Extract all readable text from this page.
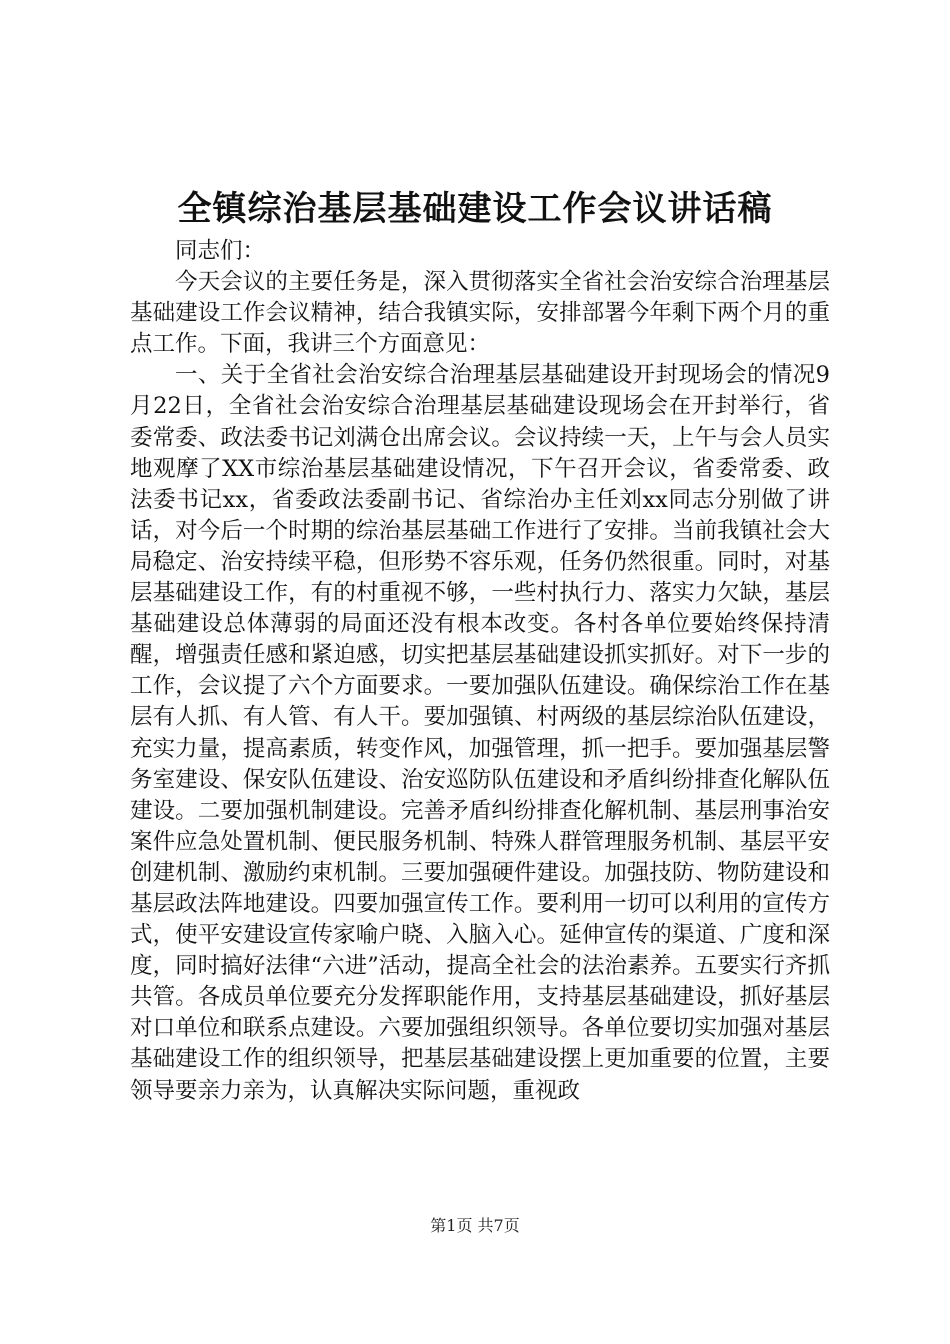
全镇综治基层基础建设工作会议讲话稿

同志们：

今天会议的主要任务是，深入贯彻落实全省社会治安综合治理基层基础建设工作会议精神，结合我镇实际，安排部署今年剩下两个月的重点工作。下面，我讲三个方面意见：

一、关于全省社会治安综合治理基层基础建设开封现场会的情况9月22日，全省社会治安综合治理基层基础建设现场会在开封举行，省委常委、政法委书记刘满仓出席会议。会议持续一天，上午与会人员实地观摩了XX市综治基层基础建设情况，下午召开会议，省委常委、政法委书记xx，省委政法委副书记、省综治办主任刘xx同志分别做了讲话，对今后一个时期的综治基层基础工作进行了安排。当前我镇社会大局稳定、治安持续平稳，但形势不容乐观，任务仍然很重。同时，对基层基础建设工作，有的村重视不够，一些村执行力、落实力欠缺，基层基础建设总体薄弱的局面还没有根本改变。各村各单位要始终保持清醒，增强责任感和紧迫感，切实把基层基础建设抓实抓好。对下一步的工作，会议提了六个方面要求。一要加强队伍建设。确保综治工作在基层有人抓、有人管、有人干。要加强镇、村两级的基层综治队伍建设，充实力量，提高素质，转变作风，加强管理，抓一把手。要加强基层警务室建设、保安队伍建设、治安巡防队伍建设和矛盾纠纷排查化解队伍建设。二要加强机制建设。完善矛盾纠纷排查化解机制、基层刑事治安案件应急处置机制、便民服务机制、特殊人群管理服务机制、基层平安创建机制、激励约束机制。三要加强硬件建设。加强技防、物防建设和基层政法阵地建设。四要加强宣传工作。要利用一切可以利用的宣传方式，使平安建设宣传家喻户晓、入脑入心。延伸宣传的渠道、广度和深度，同时搞好法律“六进”活动，提高全社会的法治素养。五要实行齐抓共管。各成员单位要充分发挥职能作用，支持基层基础建设，抓好基层对口单位和联系点建设。六要加强组织领导。各单位要切实加强对基层基础建设工作的组织领导，把基层基础建设摆上更加重要的位置，主要领导要亲力亲为，认真解决实际问题，重视政

第1页 共7页
